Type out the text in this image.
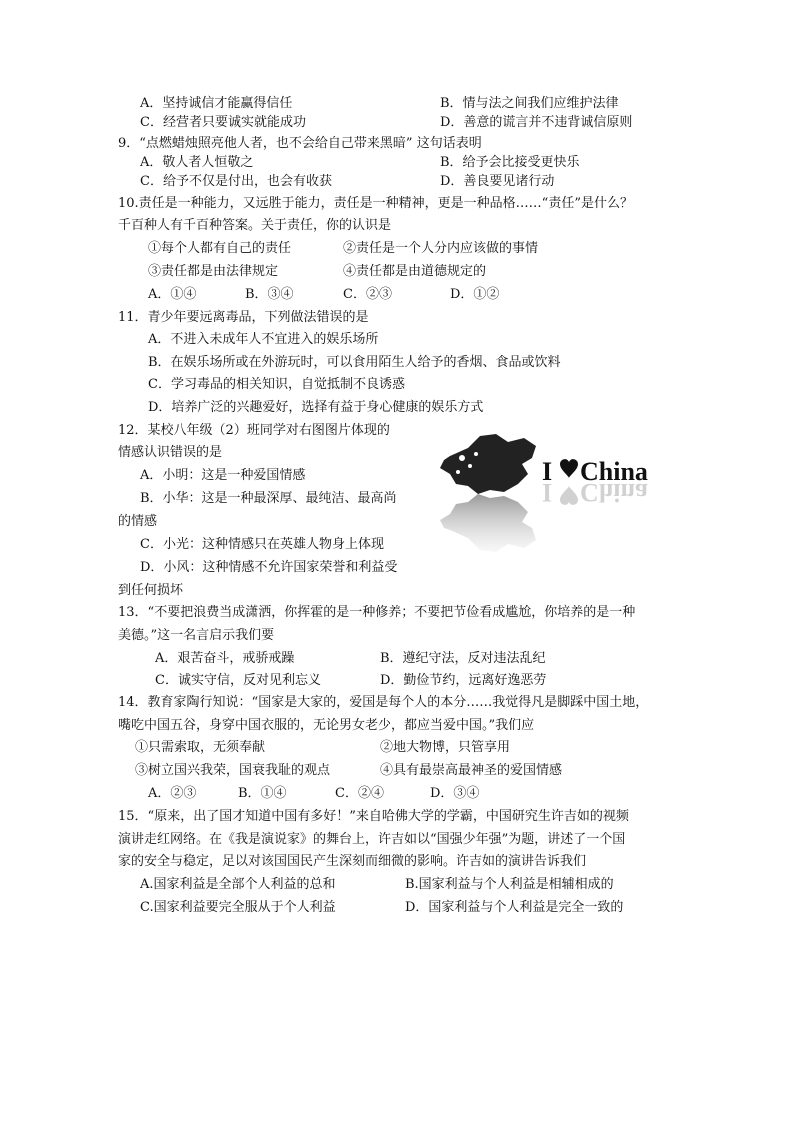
A．坚持诚信才能赢得信任	B．情与法之间我们应维护法律
C．经营者只要诚实就能成功	D．善意的谎言并不违背诚信原则
9．“点燃蜡烛照亮他人者，也不会给自己带来黑暗” 这句话表明
A．敬人者人恒敬之	B．给予会比接受更快乐
C．给予不仅是付出，也会有收获	D．善良要见诸行动
10.责任是一种能力，又远胜于能力，责任是一种精神，更是一种品格……“责任”是什么？
千百种人有千百种答案。关于责任，你的认识是
①每个人都有自己的责任	②责任是一个人分内应该做的事情
③责任都是由法律规定	④责任都是由道德规定的
A．①④	B．③④	C．②③	D．①②
11．青少年要远离毒品，下列做法错误的是
A．不进入未成年人不宜进入的娱乐场所
B．在娱乐场所或在外游玩时，可以食用陌生人给予的香烟、食品或饮料
C．学习毒品的相关知识，自觉抵制不良诱惑
D．培养广泛的兴趣爱好，选择有益于身心健康的娱乐方式
12．某校八年级（2）班同学对右图图片体现的
情感认识错误的是
A．小明：这是一种爱国情感
B．小华：这是一种最深厚、最纯洁、最高尚
的情感
C．小光：这种情感只在英雄人物身上体现
D．小风：这种情感不允许国家荣誉和利益受
到任何损坏
I China
I China
13．“不要把浪费当成潇洒，你挥霍的是一种修养；不要把节俭看成尴尬，你培养的是一种
美德。”这一名言启示我们要
A．艰苦奋斗，戒骄戒躁	B．遵纪守法，反对违法乱纪
C．诚实守信，反对见利忘义	D．勤俭节约，远离好逸恶劳
14．教育家陶行知说：“国家是大家的，爱国是每个人的本分……我觉得凡是脚踩中国土地，
嘴吃中国五谷，身穿中国衣服的，无论男女老少，都应当爱中国。”我们应
①只需索取，无须奉献	②地大物博，只管享用
③树立国兴我荣，国衰我耻的观点	④具有最崇高最神圣的爱国情感
A．②③	B．①④	C．②④	D．③④
15．“原来，出了国才知道中国有多好！”来自哈佛大学的学霸，中国研究生许吉如的视频
演讲走红网络。在《我是演说家》的舞台上，许吉如以“国强少年强”为题，讲述了一个国
家的安全与稳定，足以对该国国民产生深刻而细微的影响。许吉如的演讲告诉我们
A.国家利益是全部个人利益的总和	B.国家利益与个人利益是相辅相成的
C.国家利益要完全服从于个人利益	D．国家利益与个人利益是完全一致的
